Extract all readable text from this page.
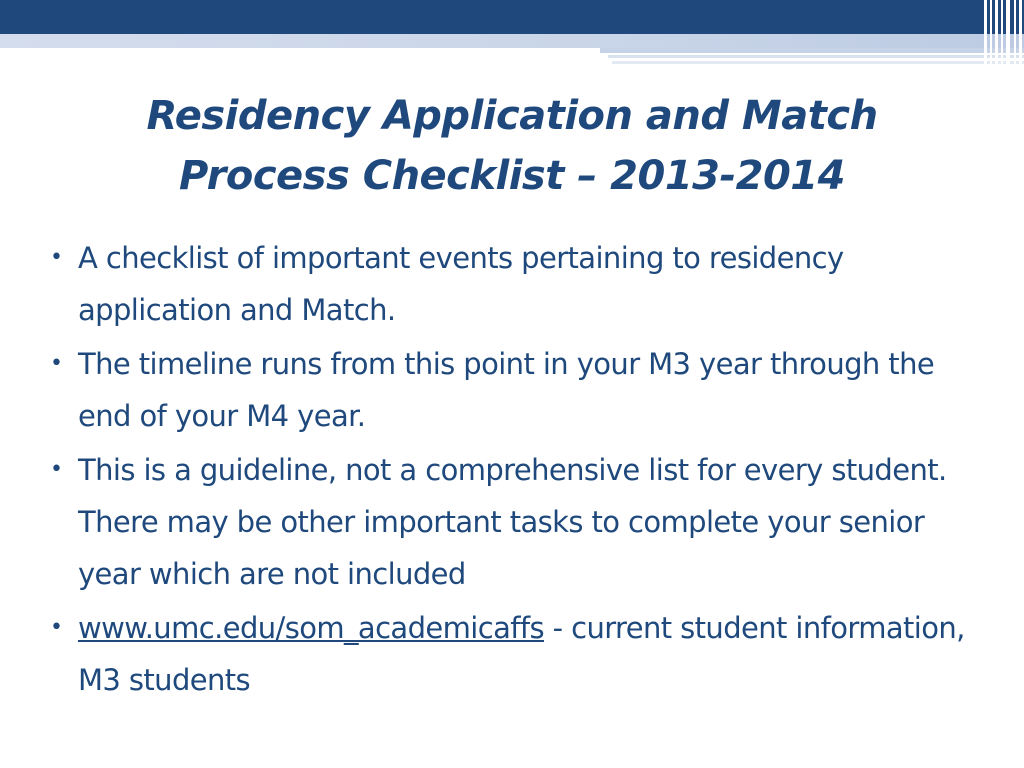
Residency Application and Match
Process Checklist – 2013-2014
• A checklist of important events pertaining to residency application and Match.
• The timeline runs from this point in your M3 year through the end of your M4 year.
• This is a guideline, not a comprehensive list for every student. There may be other important tasks to complete your senior year which are not included
• www.umc.edu/som_academicaffs - current student information, M3 students
